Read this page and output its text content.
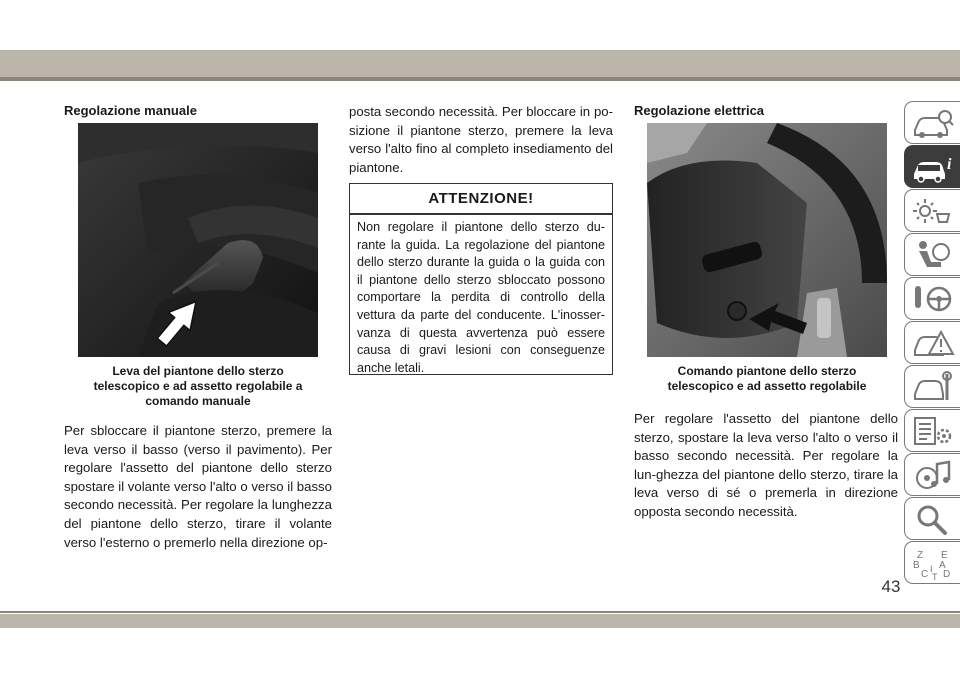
Regolazione manuale
Leva del piantone dello sterzo
telescopico e ad assetto regolabile a
comando manuale
Per sbloccare il piantone sterzo, premere la leva verso il basso (verso il pavimento). Per regolare l'assetto del piantone dello sterzo spostare il volante verso l'alto o verso il basso secondo necessità. Per regolare la lunghezza del piantone dello sterzo, tirare il volante verso l'esterno o premerlo nella direzione op-
posta secondo necessità. Per bloccare in po-sizione il piantone sterzo, premere la leva verso l'alto fino al completo insediamento del piantone.
ATTENZIONE!
Non regolare il piantone dello sterzo du-rante la guida. La regolazione del piantone dello sterzo durante la guida o la guida con il piantone dello sterzo sbloccato possono comportare la perdita di controllo della vettura da parte del conducente. L'inosser-vanza di questa avvertenza può essere causa di gravi lesioni con conseguenze anche letali.
Regolazione elettrica
Comando piantone dello sterzo
telescopico e ad assetto regolabile
Per regolare l'assetto del piantone dello sterzo, spostare la leva verso l'alto o verso il basso secondo necessità. Per regolare la lun-ghezza del piantone dello sterzo, tirare la leva verso di sé o premerla in direzione opposta secondo necessità.
i
Z E
B A
C D
I
T
43
